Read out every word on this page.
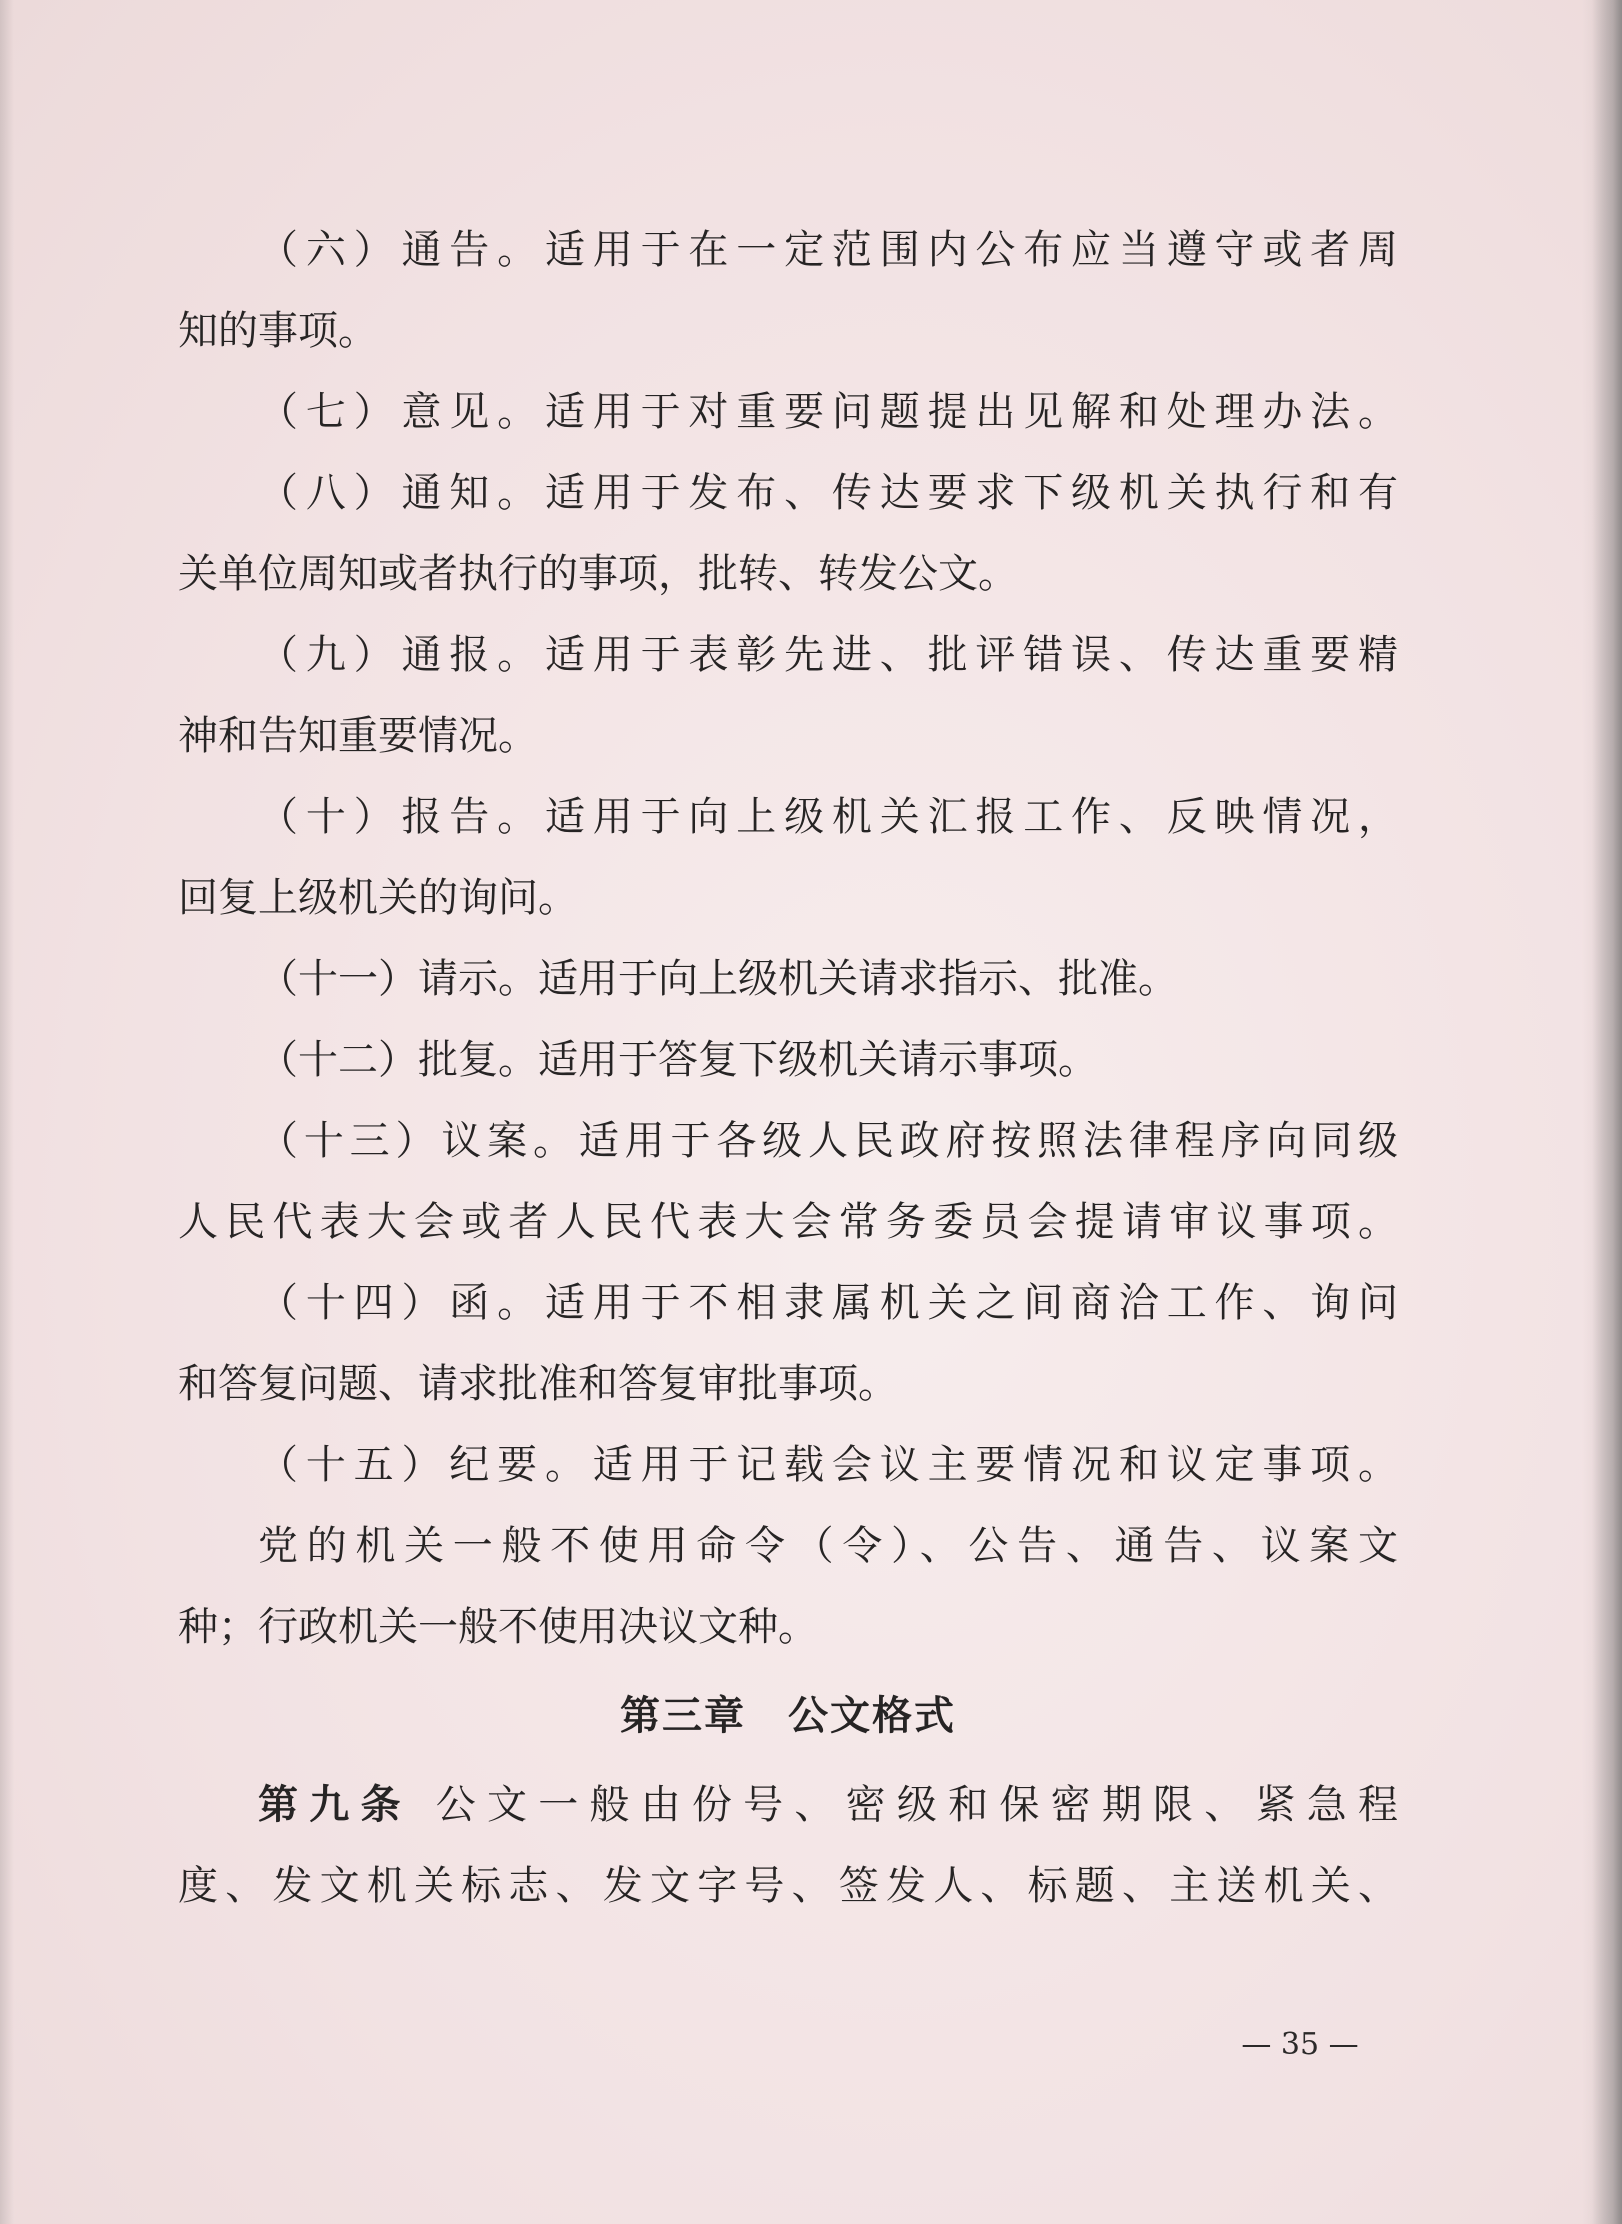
（六）通告。适用于在一定范围内公布应当遵守或者周
知的事项。
（七）意见。适用于对重要问题提出见解和处理办法。
（八）通知。适用于发布、传达要求下级机关执行和有
关单位周知或者执行的事项，批转、转发公文。
（九）通报。适用于表彰先进、批评错误、传达重要精
神和告知重要情况。
（十）报告。适用于向上级机关汇报工作、反映情况，
回复上级机关的询问。
（十一）请示。适用于向上级机关请求指示、批准。
（十二）批复。适用于答复下级机关请示事项。
（十三）议案。适用于各级人民政府按照法律程序向同级
人民代表大会或者人民代表大会常务委员会提请审议事项。
（十四）函。适用于不相隶属机关之间商洽工作、询问
和答复问题、请求批准和答复审批事项。
（十五）纪要。适用于记载会议主要情况和议定事项。
党的机关一般不使用命令（令）、公告、通告、议案文
种；行政机关一般不使用决议文种。
第三章　公文格式
第九条 公文一般由份号、密级和保密期限、紧急程
度、发文机关标志、发文字号、签发人、标题、主送机关、
— 35 —
